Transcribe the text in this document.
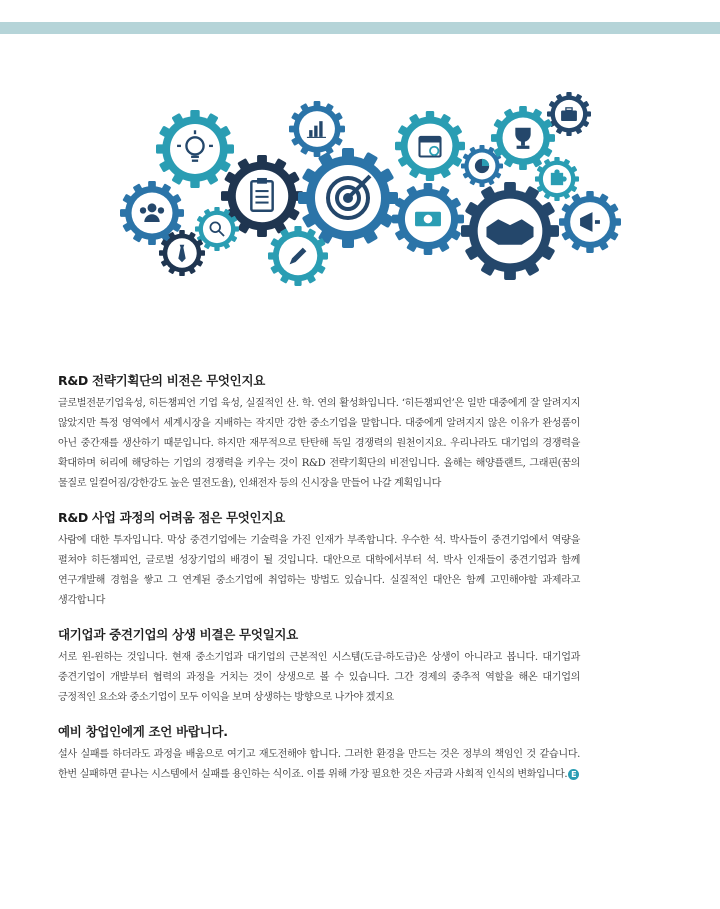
R&D 전략기획단의 비전은 무엇인지요

글로벌전문기업육성, 히든챔피언 기업 육성, 실질적인 산. 학. 연의 활성화입니다. ‘히든챔피언’은 일반 대중에게 잘 알려지지 않았지만 특정 영역에서 세계시장을 지배하는 작지만 강한 중소기업을 말합니다. 대중에게 알려지지 않은 이유가 완성품이 아닌 중간재를 생산하기 때문입니다. 하지만 재무적으로 탄탄해 독일 경쟁력의 원천이지요. 우리나라도 대기업의 경쟁력을 확대하며 허리에 해당하는 기업의 경쟁력을 키우는 것이 R&D 전략기획단의 비전입니다. 올해는 해양플랜트, 그래핀(꿈의 물질로 일컬어짐/강한강도 높은 열전도율), 인쇄전자 등의 신시장을 만들어 나갈 계획입니다

R&D 사업 과정의 어려움 점은 무엇인지요

사람에 대한 투자입니다. 막상 중견기업에는 기술력을 가진 인재가 부족합니다. 우수한 석. 박사들이 중견기업에서 역량을 펼쳐야 히든챔피언, 글로벌 성장기업의 배경이 될 것입니다. 대안으로 대학에서부터 석. 박사 인재들이 중견기업과 함께 연구개발해 경험을 쌓고 그 연계된 중소기업에 취업하는 방법도 있습니다. 실질적인 대안은 함께 고민해야할 과제라고 생각합니다

대기업과 중견기업의 상생 비결은 무엇일지요

서로 윈-윈하는 것입니다. 현재 중소기업과 대기업의 근본적인 시스템(도급-하도급)은 상생이 아니라고 봅니다. 대기업과 중견기업이 개발부터 협력의 과정을 거치는 것이 상생으로 볼 수 있습니다. 그간 경제의 중추적 역할을 해온 대기업의 긍정적인 요소와 중소기업이 모두 이익을 보며 상생하는 방향으로 나가야 겠지요

예비 창업인에게 조언 바랍니다.

설사 실패를 하더라도 과정을 배움으로 여기고 재도전해야 합니다. 그러한 환경을 만드는 것은 정부의 책임인 것 같습니다. 한번 실패하면 끝나는 시스템에서 실패를 용인하는 식이죠. 이를 위해 가장 필요한 것은 자금과 사회적 인식의 변화입니다. E
